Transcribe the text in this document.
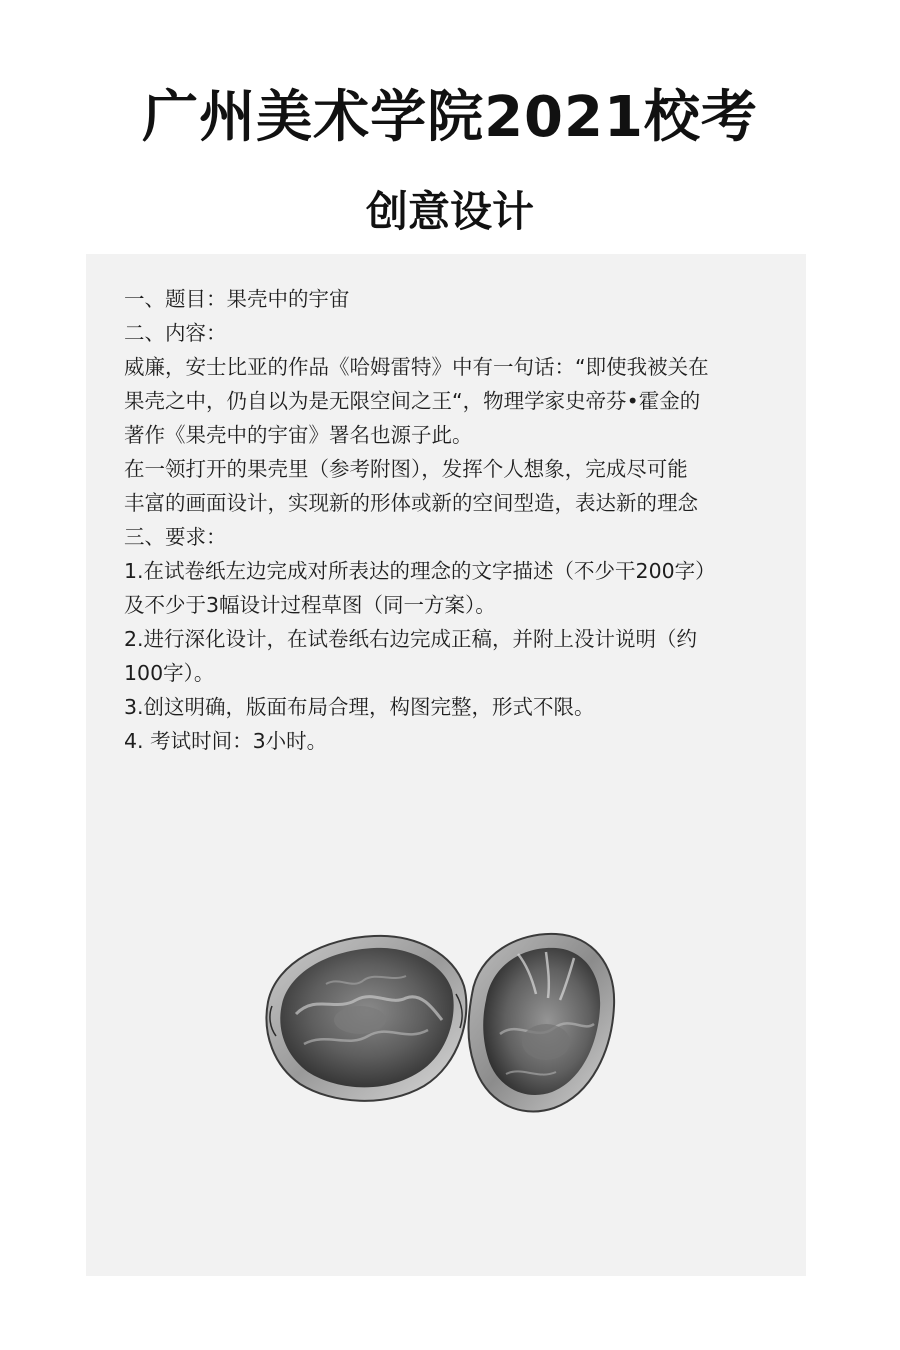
广州美术学院2021校考
创意设计
一、题目：果壳中的宇宙
二、内容：
威廉，安士比亚的作品《哈姆雷特》中有一句话：“即使我被关在
果壳之中，仍自以为是无限空间之王“，物理学家史帝芬•霍金的
著作《果壳中的宇宙》署名也源子此。
在一领打开的果壳里（参考附图），发挥个人想象，完成尽可能
丰富的画面设计，实现新的形体或新的空间型造，表达新的理念
三、要求：
1.在试卷纸左边完成对所表达的理念的文字描述（不少干200字）
及不少于3幅设计过程草图（同一方案）。
2.进行深化设计，在试卷纸右边完成正稿，并附上没计说明（约
100字）。
3.创这明确，版面布局合理，构图完整，形式不限。
4. 考试时间：3小时。
